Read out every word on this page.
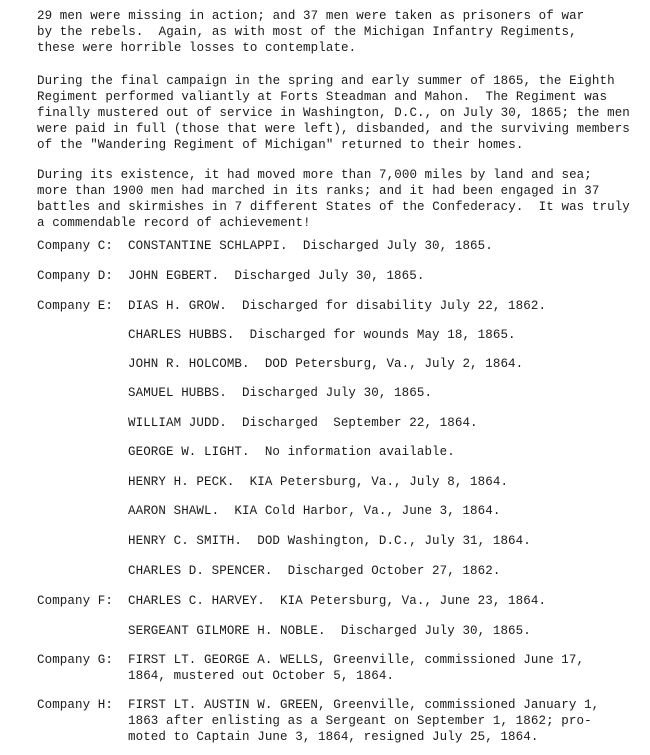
29 men were missing in action; and 37 men were taken as prisoners of war
by the rebels.  Again, as with most of the Michigan Infantry Regiments,
these were horrible losses to contemplate.

During the final campaign in the spring and early summer of 1865, the Eighth
Regiment performed valiantly at Forts Steadman and Mahon.  The Regiment was
finally mustered out of service in Washington, D.C., on July 30, 1865; the men
were paid in full (those that were left), disbanded, and the surviving members
of the "Wandering Regiment of Michigan" returned to their homes.

During its existence, it had moved more than 7,000 miles by land and sea;
more than 1900 men had marched in its ranks; and it had been engaged in 37
battles and skirmishes in 7 different States of the Confederacy.  It was truly
a commendable record of achievement!

Company C: CONSTANTINE SCHLAPPI.  Discharged July 30, 1865.
Company D: JOHN EGBERT.  Discharged July 30, 1865.
Company E: DIAS H. GROW.  Discharged for disability July 22, 1862.
CHARLES HUBBS.  Discharged for wounds May 18, 1865.
JOHN R. HOLCOMB.  DOD Petersburg, Va., July 2, 1864.
SAMUEL HUBBS.  Discharged July 30, 1865.
WILLIAM JUDD.  Discharged  September 22, 1864.
GEORGE W. LIGHT.  No information available.
HENRY H. PECK.  KIA Petersburg, Va., July 8, 1864.
AARON SHAWL.  KIA Cold Harbor, Va., June 3, 1864.
HENRY C. SMITH.  DOD Washington, D.C., July 31, 1864.
CHARLES D. SPENCER.  Discharged October 27, 1862.
Company F: CHARLES C. HARVEY.  KIA Petersburg, Va., June 23, 1864.
SERGEANT GILMORE H. NOBLE.  Discharged July 30, 1865.
Company G: FIRST LT. GEORGE A. WELLS, Greenville, commissioned June 17,
1864, mustered out October 5, 1864.
Company H: FIRST LT. AUSTIN W. GREEN, Greenville, commissioned January 1,
1863 after enlisting as a Sergeant on September 1, 1862; pro-
moted to Captain June 3, 1864, resigned July 25, 1864.
